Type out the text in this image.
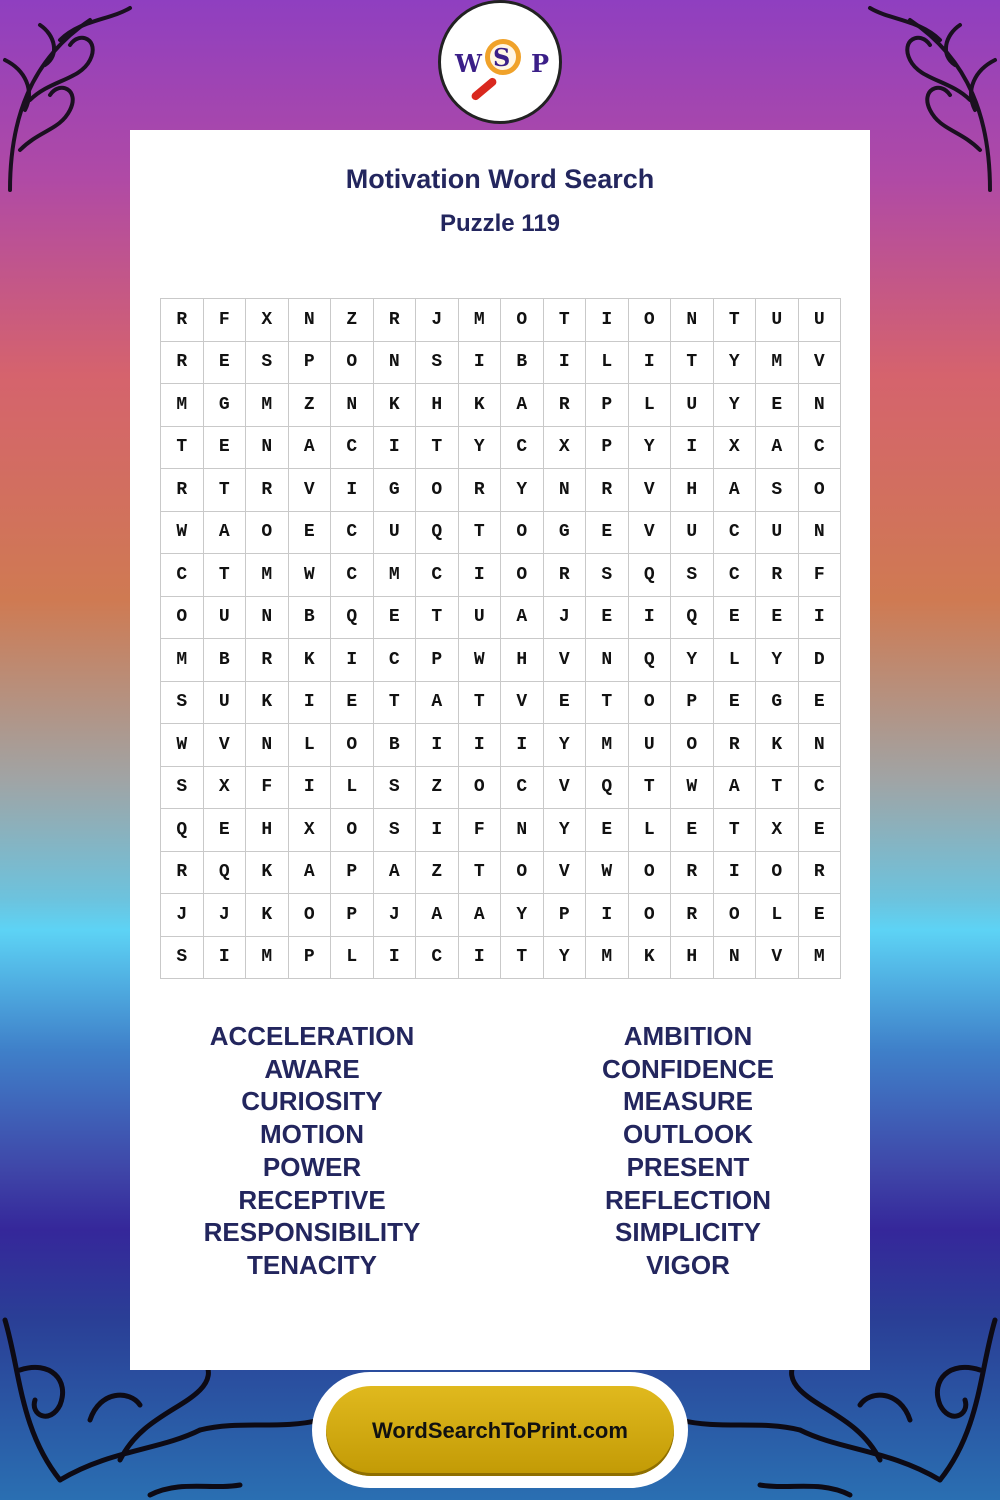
W S P
Motivation Word Search
Puzzle 119
R	F	X	N	Z	R	J	M	O	T	I	O	N	T	U	U
R	E	S	P	O	N	S	I	B	I	L	I	T	Y	M	V
M	G	M	Z	N	K	H	K	A	R	P	L	U	Y	E	N
T	E	N	A	C	I	T	Y	C	X	P	Y	I	X	A	C
R	T	R	V	I	G	O	R	Y	N	R	V	H	A	S	O
W	A	O	E	C	U	Q	T	O	G	E	V	U	C	U	N
C	T	M	W	C	M	C	I	O	R	S	Q	S	C	R	F
O	U	N	B	Q	E	T	U	A	J	E	I	Q	E	E	I
M	B	R	K	I	C	P	W	H	V	N	Q	Y	L	Y	D
S	U	K	I	E	T	A	T	V	E	T	O	P	E	G	E
W	V	N	L	O	B	I	I	I	Y	M	U	O	R	K	N
S	X	F	I	L	S	Z	O	C	V	Q	T	W	A	T	C
Q	E	H	X	O	S	I	F	N	Y	E	L	E	T	X	E
R	Q	K	A	P	A	Z	T	O	V	W	O	R	I	O	R
J	J	K	O	P	J	A	A	Y	P	I	O	R	O	L	E
S	I	M	P	L	I	C	I	T	Y	M	K	H	N	V	M
ACCELERATION
AWARE
CURIOSITY
MOTION
POWER
RECEPTIVE
RESPONSIBILITY
TENACITY
AMBITION
CONFIDENCE
MEASURE
OUTLOOK
PRESENT
REFLECTION
SIMPLICITY
VIGOR
WordSearchToPrint.com
